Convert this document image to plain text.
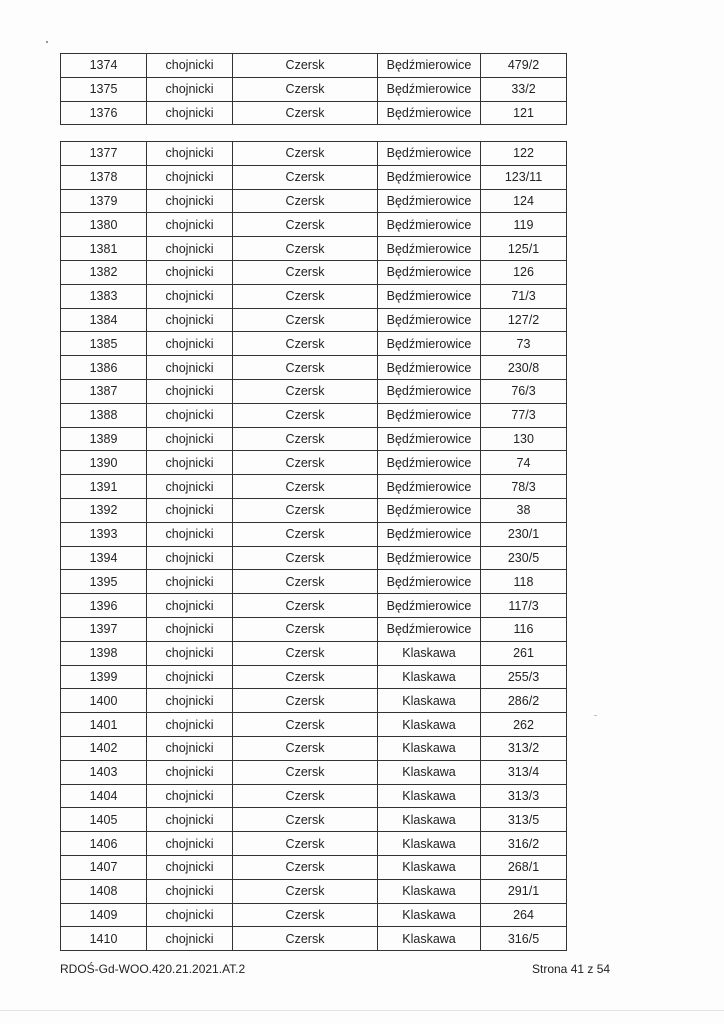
1374	chojnicki	Czersk	Będźmierowice	479/2
1375	chojnicki	Czersk	Będźmierowice	33/2
1376	chojnicki	Czersk	Będźmierowice	121
1377	chojnicki	Czersk	Będźmierowice	122
1378	chojnicki	Czersk	Będźmierowice	123/11
1379	chojnicki	Czersk	Będźmierowice	124
1380	chojnicki	Czersk	Będźmierowice	119
1381	chojnicki	Czersk	Będźmierowice	125/1
1382	chojnicki	Czersk	Będźmierowice	126
1383	chojnicki	Czersk	Będźmierowice	71/3
1384	chojnicki	Czersk	Będźmierowice	127/2
1385	chojnicki	Czersk	Będźmierowice	73
1386	chojnicki	Czersk	Będźmierowice	230/8
1387	chojnicki	Czersk	Będźmierowice	76/3
1388	chojnicki	Czersk	Będźmierowice	77/3
1389	chojnicki	Czersk	Będźmierowice	130
1390	chojnicki	Czersk	Będźmierowice	74
1391	chojnicki	Czersk	Będźmierowice	78/3
1392	chojnicki	Czersk	Będźmierowice	38
1393	chojnicki	Czersk	Będźmierowice	230/1
1394	chojnicki	Czersk	Będźmierowice	230/5
1395	chojnicki	Czersk	Będźmierowice	118
1396	chojnicki	Czersk	Będźmierowice	117/3
1397	chojnicki	Czersk	Będźmierowice	116
1398	chojnicki	Czersk	Klaskawa	261
1399	chojnicki	Czersk	Klaskawa	255/3
1400	chojnicki	Czersk	Klaskawa	286/2
1401	chojnicki	Czersk	Klaskawa	262
1402	chojnicki	Czersk	Klaskawa	313/2
1403	chojnicki	Czersk	Klaskawa	313/4
1404	chojnicki	Czersk	Klaskawa	313/3
1405	chojnicki	Czersk	Klaskawa	313/5
1406	chojnicki	Czersk	Klaskawa	316/2
1407	chojnicki	Czersk	Klaskawa	268/1
1408	chojnicki	Czersk	Klaskawa	291/1
1409	chojnicki	Czersk	Klaskawa	264
1410	chojnicki	Czersk	Klaskawa	316/5
RDOŚ-Gd-WOO.420.21.2021.AT.2	Strona 41 z 54
